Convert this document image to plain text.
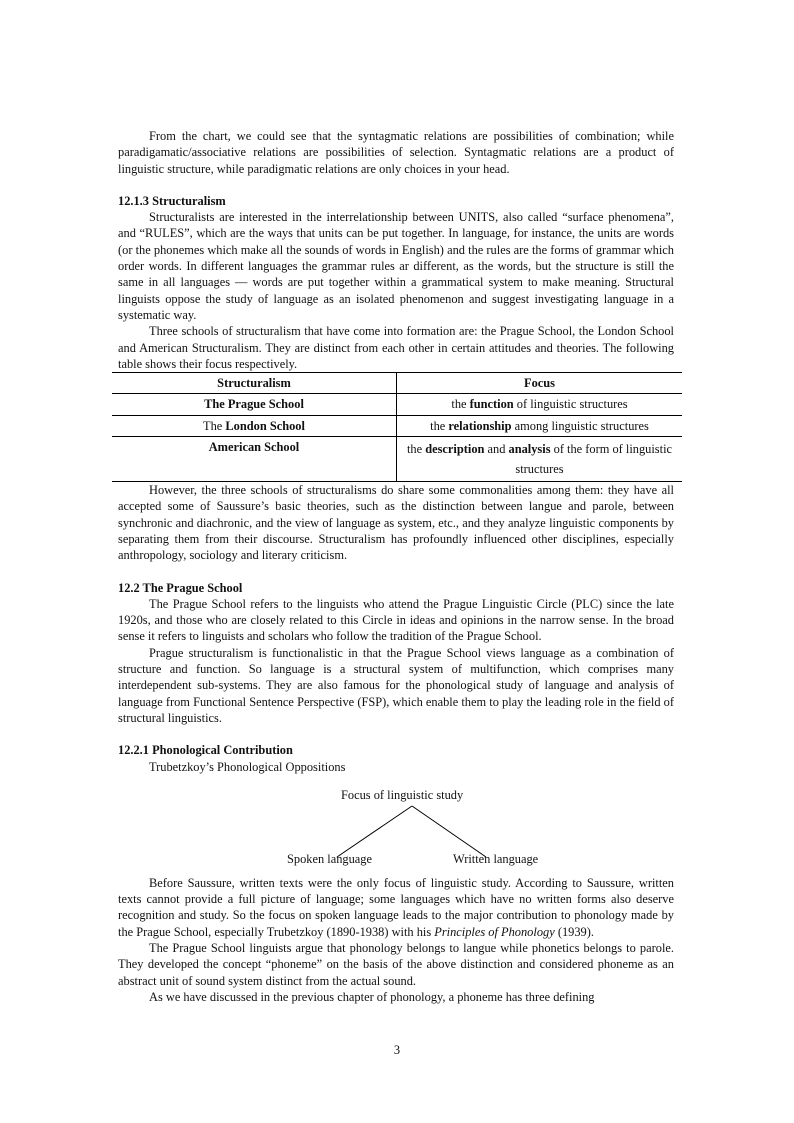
From the chart, we could see that the syntagmatic relations are possibilities of combination; while paradigamatic/associative relations are possibilities of selection. Syntagmatic relations are a product of linguistic structure, while paradigmatic relations are only choices in your head.

12.1.3 Structuralism

Structuralists are interested in the interrelationship between UNITS, also called “surface phenomena”, and “RULES”, which are the ways that units can be put together. In language, for instance, the units are words (or the phonemes which make all the sounds of words in English) and the rules are the forms of grammar which order words. In different languages the grammar rules ar different, as the words, but the structure is still the same in all languages — words are put together within a grammatical system to make meaning. Structural linguists oppose the study of language as an isolated phenomenon and suggest investigating language in a systematic way.

Three schools of structuralism that have come into formation are: the Prague School, the London School and American Structuralism. They are distinct from each other in certain attitudes and theories. The following table shows their focus respectively.

Structuralism	Focus
The Prague School	the function of linguistic structures
The London School	the relationship among linguistic structures
American School	the description and analysis of the form of linguistic structures

However, the three schools of structuralisms do share some commonalities among them: they have all accepted some of Saussure’s basic theories, such as the distinction between langue and parole, between synchronic and diachronic, and the view of language as system, etc., and they analyze linguistic components by separating them from their discourse. Structuralism has profoundly influenced other disciplines, especially anthropology, sociology and literary criticism.

12.2 The Prague School

The Prague School refers to the linguists who attend the Prague Linguistic Circle (PLC) since the late 1920s, and those who are closely related to this Circle in ideas and opinions in the narrow sense. In the broad sense it refers to linguists and scholars who follow the tradition of the Prague School.

Prague structuralism is functionalistic in that the Prague School views language as a combination of structure and function. So language is a structural system of multifunction, which comprises many interdependent sub-systems. They are also famous for the phonological study of language and analysis of language from Functional Sentence Perspective (FSP), which enable them to play the leading role in the field of structural linguistics.

12.2.1 Phonological Contribution

Trubetzkoy’s Phonological Oppositions

Focus of linguistic study
Spoken language	Written language

Before Saussure, written texts were the only focus of linguistic study. According to Saussure, written texts cannot provide a full picture of language; some languages which have no written forms also deserve recognition and study. So the focus on spoken language leads to the major contribution to phonology made by the Prague School, especially Trubetzkoy (1890-1938) with his Principles of Phonology (1939).

The Prague School linguists argue that phonology belongs to langue while phonetics belongs to parole. They developed the concept “phoneme” on the basis of the above distinction and considered phoneme as an abstract unit of sound system distinct from the actual sound.

As we have discussed in the previous chapter of phonology, a phoneme has three defining

3
